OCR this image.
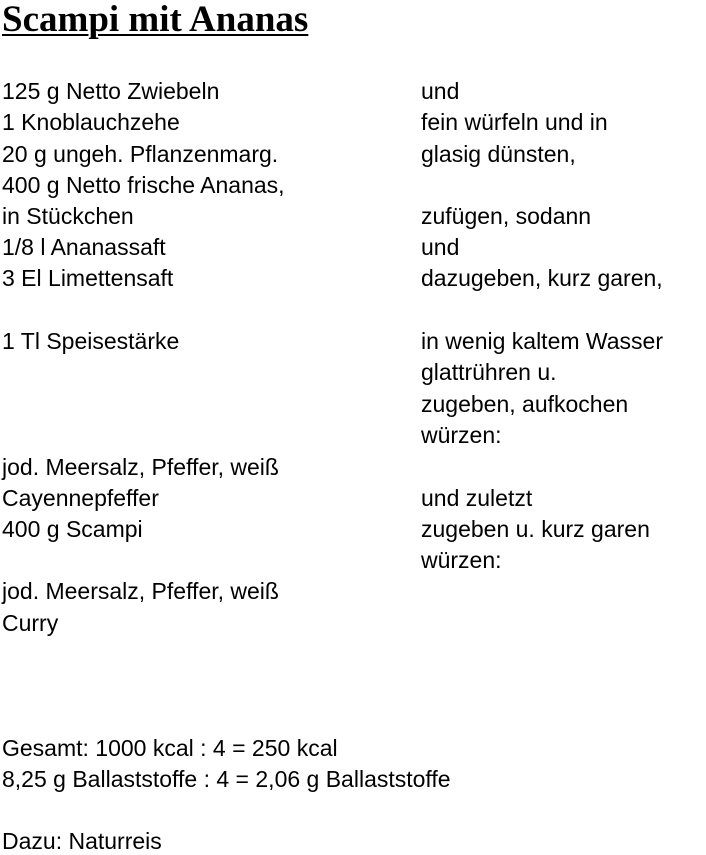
Scampi mit Ananas
125 g Netto Zwiebeln
1 Knoblauchzehe
20 g ungeh. Pflanzenmarg.
400 g Netto frische Ananas,
in Stückchen
1/8 l Ananassaft
3 El Limettensaft
1 Tl Speisestärke
jod. Meersalz, Pfeffer, weiß
Cayennepfeffer
400 g Scampi
jod. Meersalz, Pfeffer, weiß
Curry
und
fein würfeln und in
glasig dünsten,
zufügen, sodann
und
dazugeben, kurz garen,
in wenig kaltem Wasser
glattrühren u.
zugeben, aufkochen
würzen:
und zuletzt
zugeben u. kurz garen
würzen:
Gesamt: 1000 kcal : 4 = 250 kcal
8,25 g Ballaststoffe : 4 = 2,06 g Ballaststoffe
Dazu: Naturreis
